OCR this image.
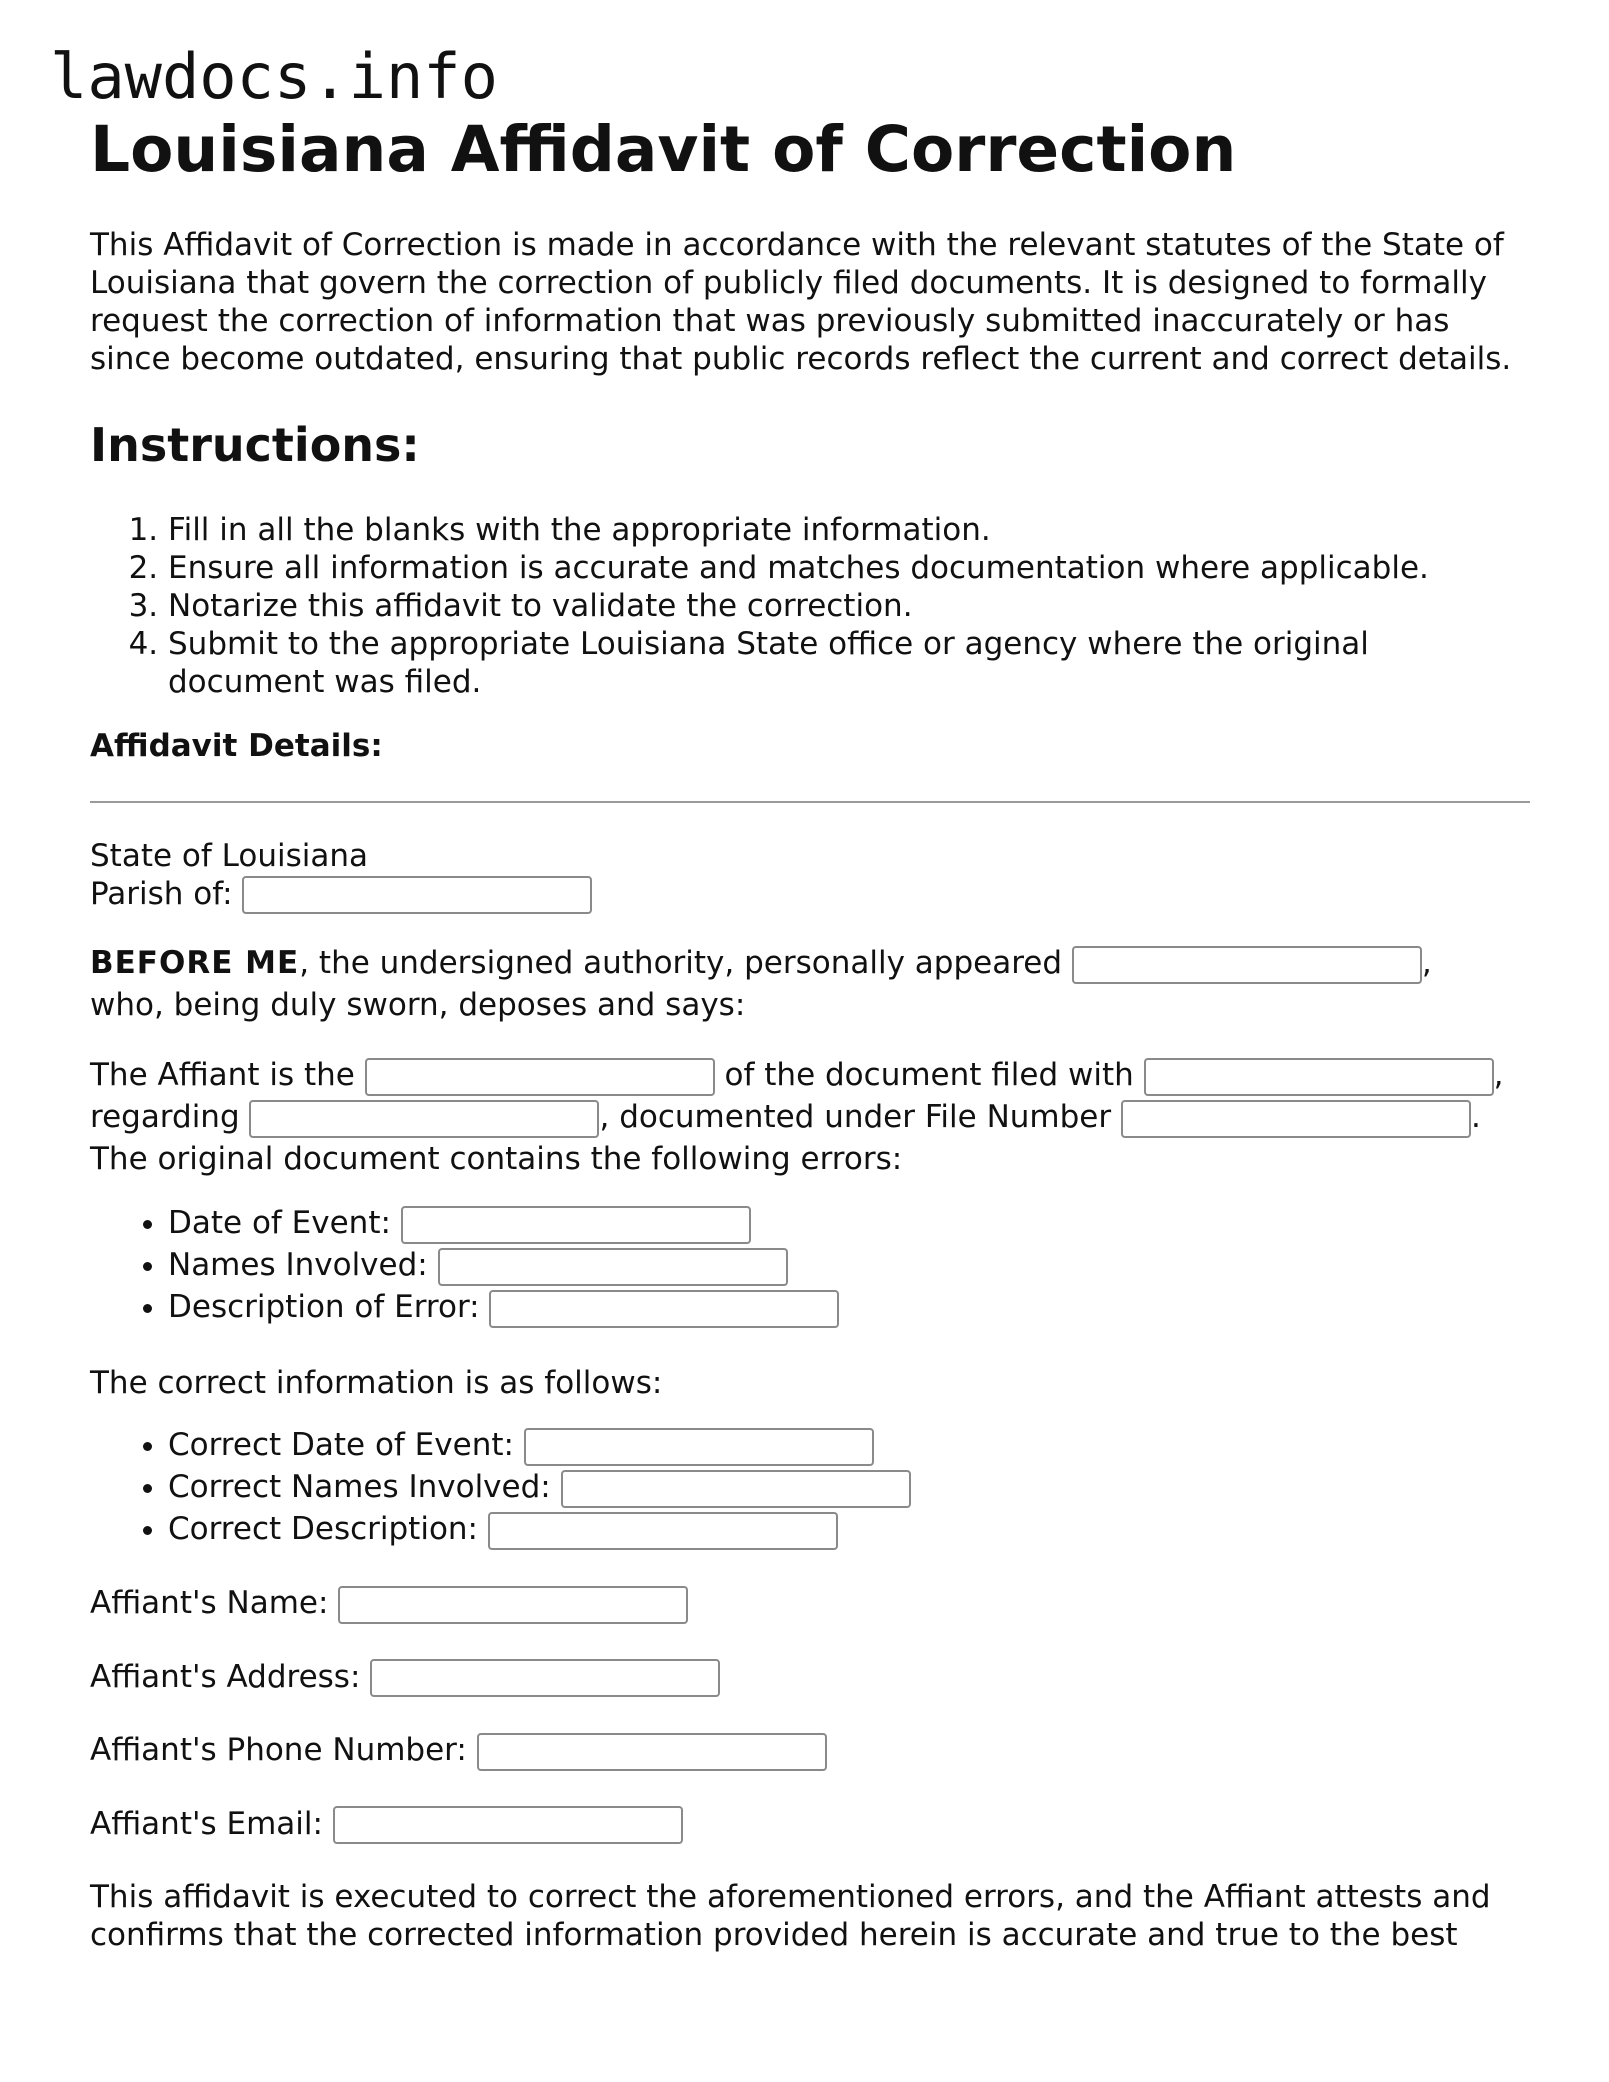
lawdocs.info
Louisiana Affidavit of Correction
This Affidavit of Correction is made in accordance with the relevant statutes of the State of Louisiana that govern the correction of publicly filed documents. It is designed to formally request the correction of information that was previously submitted inaccurately or has since become outdated, ensuring that public records reflect the current and correct details.
Instructions:
1. Fill in all the blanks with the appropriate information.
2. Ensure all information is accurate and matches documentation where applicable.
3. Notarize this affidavit to validate the correction.
4. Submit to the appropriate Louisiana State office or agency where the original document was filed.
Affidavit Details:

State of Louisiana

Parish of:

BEFORE ME, the undersigned authority, personally appeared	,
who, being duly sworn, deposes and says:

The Affiant is the	of the document filed with	,
regarding	, documented under File Number	.
The original document contains the following errors:

• Date of Event:
• Names Involved:
• Description of Error:

The correct information is as follows:

• Correct Date of Event:
• Correct Names Involved:
• Correct Description:

Affiant's Name:

Affiant's Address:

Affiant's Phone Number:

Affiant's Email:

This affidavit is executed to correct the aforementioned errors, and the Affiant attests and confirms that the corrected information provided herein is accurate and true to the best
